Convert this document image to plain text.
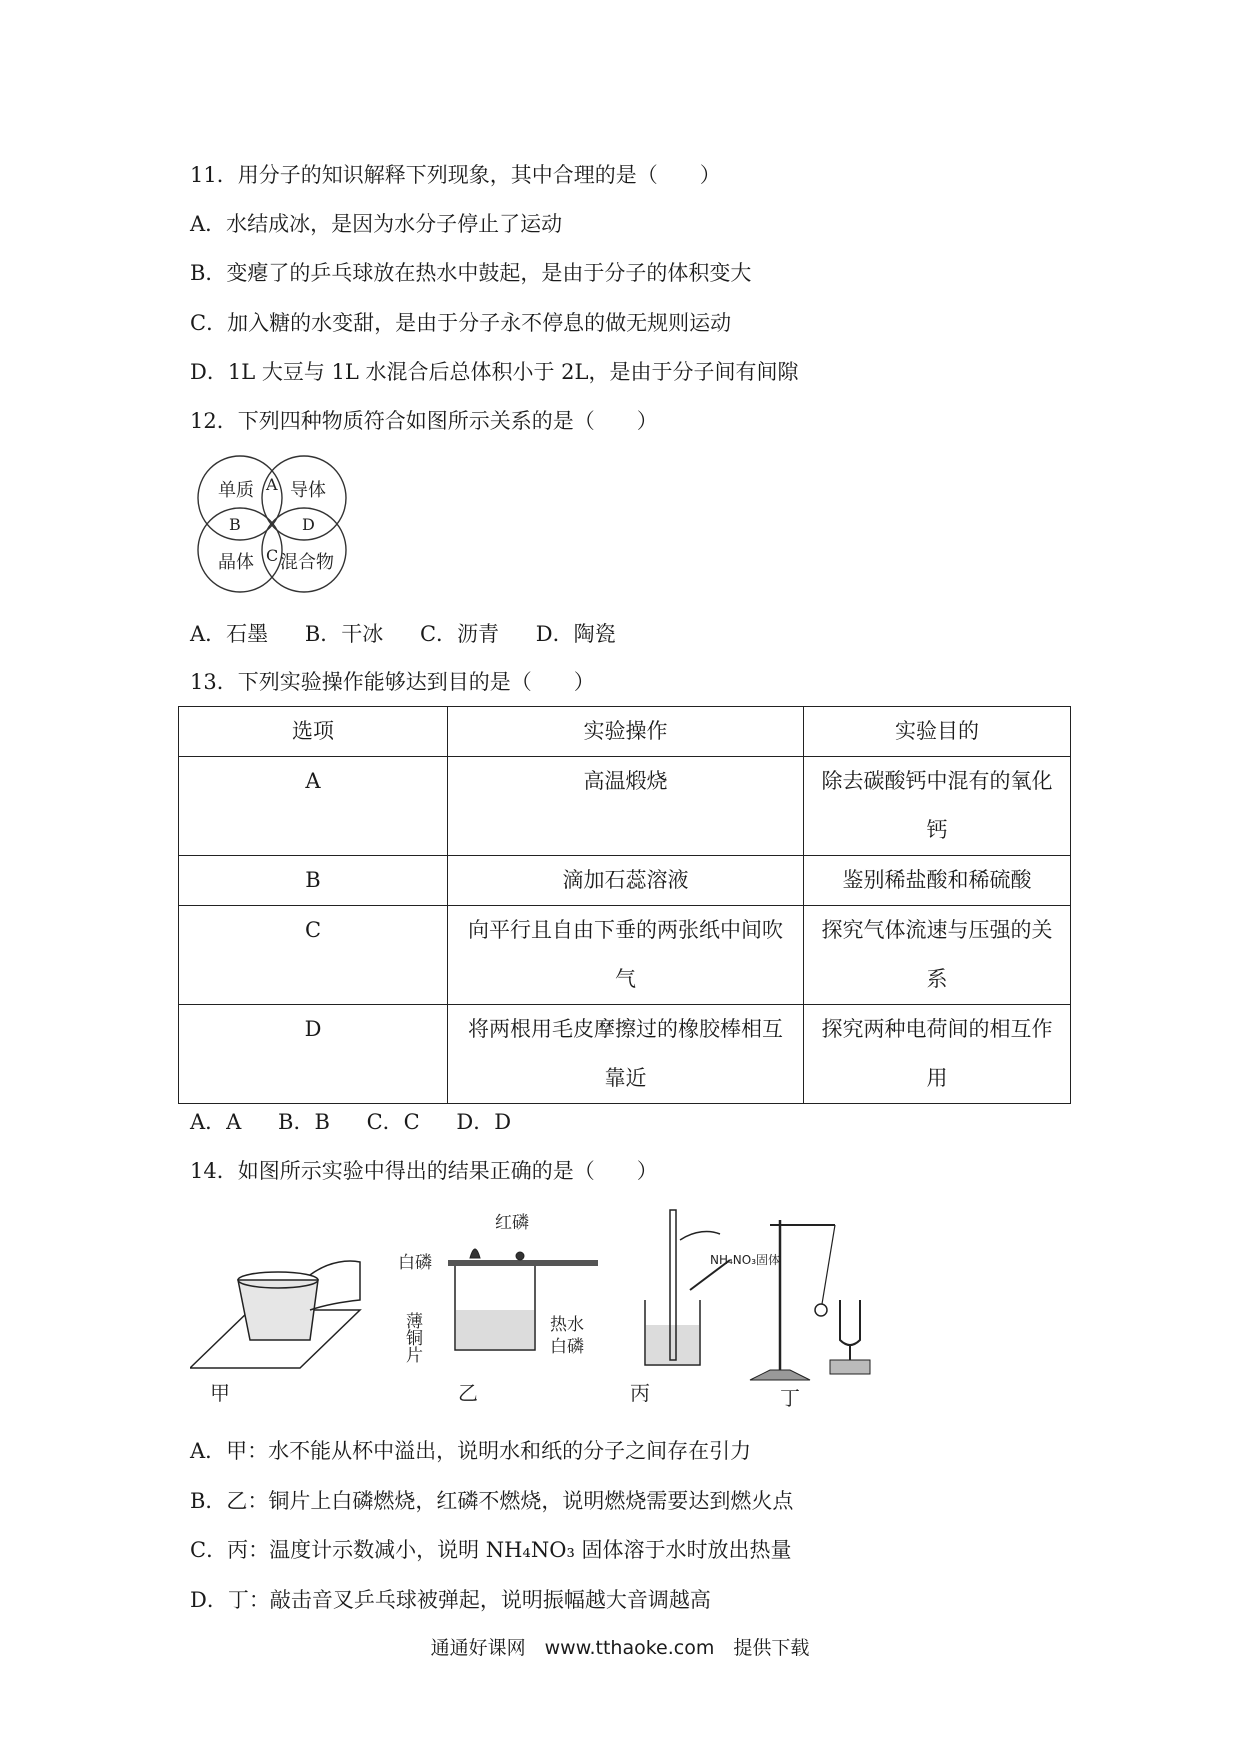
11．用分子的知识解释下列现象，其中合理的是（　　）
A．水结成冰，是因为水分子停止了运动
B．变瘪了的乒乓球放在热水中鼓起，是由于分子的体积变大
C．加入糖的水变甜，是由于分子永不停息的做无规则运动
D．1L 大豆与 1L 水混合后总体积小于 2L，是由于分子间有间隙
12．下列四种物质符合如图所示关系的是（　　）
单质 导体
晶体 混合物
A
B
C
D
A．石墨 B．干冰 C．沥青 D．陶瓷
13．下列实验操作能够达到目的是（　　）
选项	实验操作	实验目的
A	高温煅烧	除去碳酸钙中混有的氧化钙
B	滴加石蕊溶液	鉴别稀盐酸和稀硫酸
C	向平行且自由下垂的两张纸中间吹气	探究气体流速与压强的关系
D	将两根用毛皮摩擦过的橡胶棒相互靠近	探究两种电荷间的相互作用
A．A B．B C．C D．D
14．如图所示实验中得出的结果正确的是（　　）
甲
红磷
白磷
薄铜片	热水
白磷
乙
NH₄NO₃固体
丙	丁
A．甲：水不能从杯中溢出，说明水和纸的分子之间存在引力
B．乙：铜片上白磷燃烧，红磷不燃烧，说明燃烧需要达到燃火点
C．丙：温度计示数减小，说明 NH₄NO₃ 固体溶于水时放出热量
D．丁：敲击音叉乒乓球被弹起，说明振幅越大音调越高
通通好课网　www.tthaoke.com　提供下载
